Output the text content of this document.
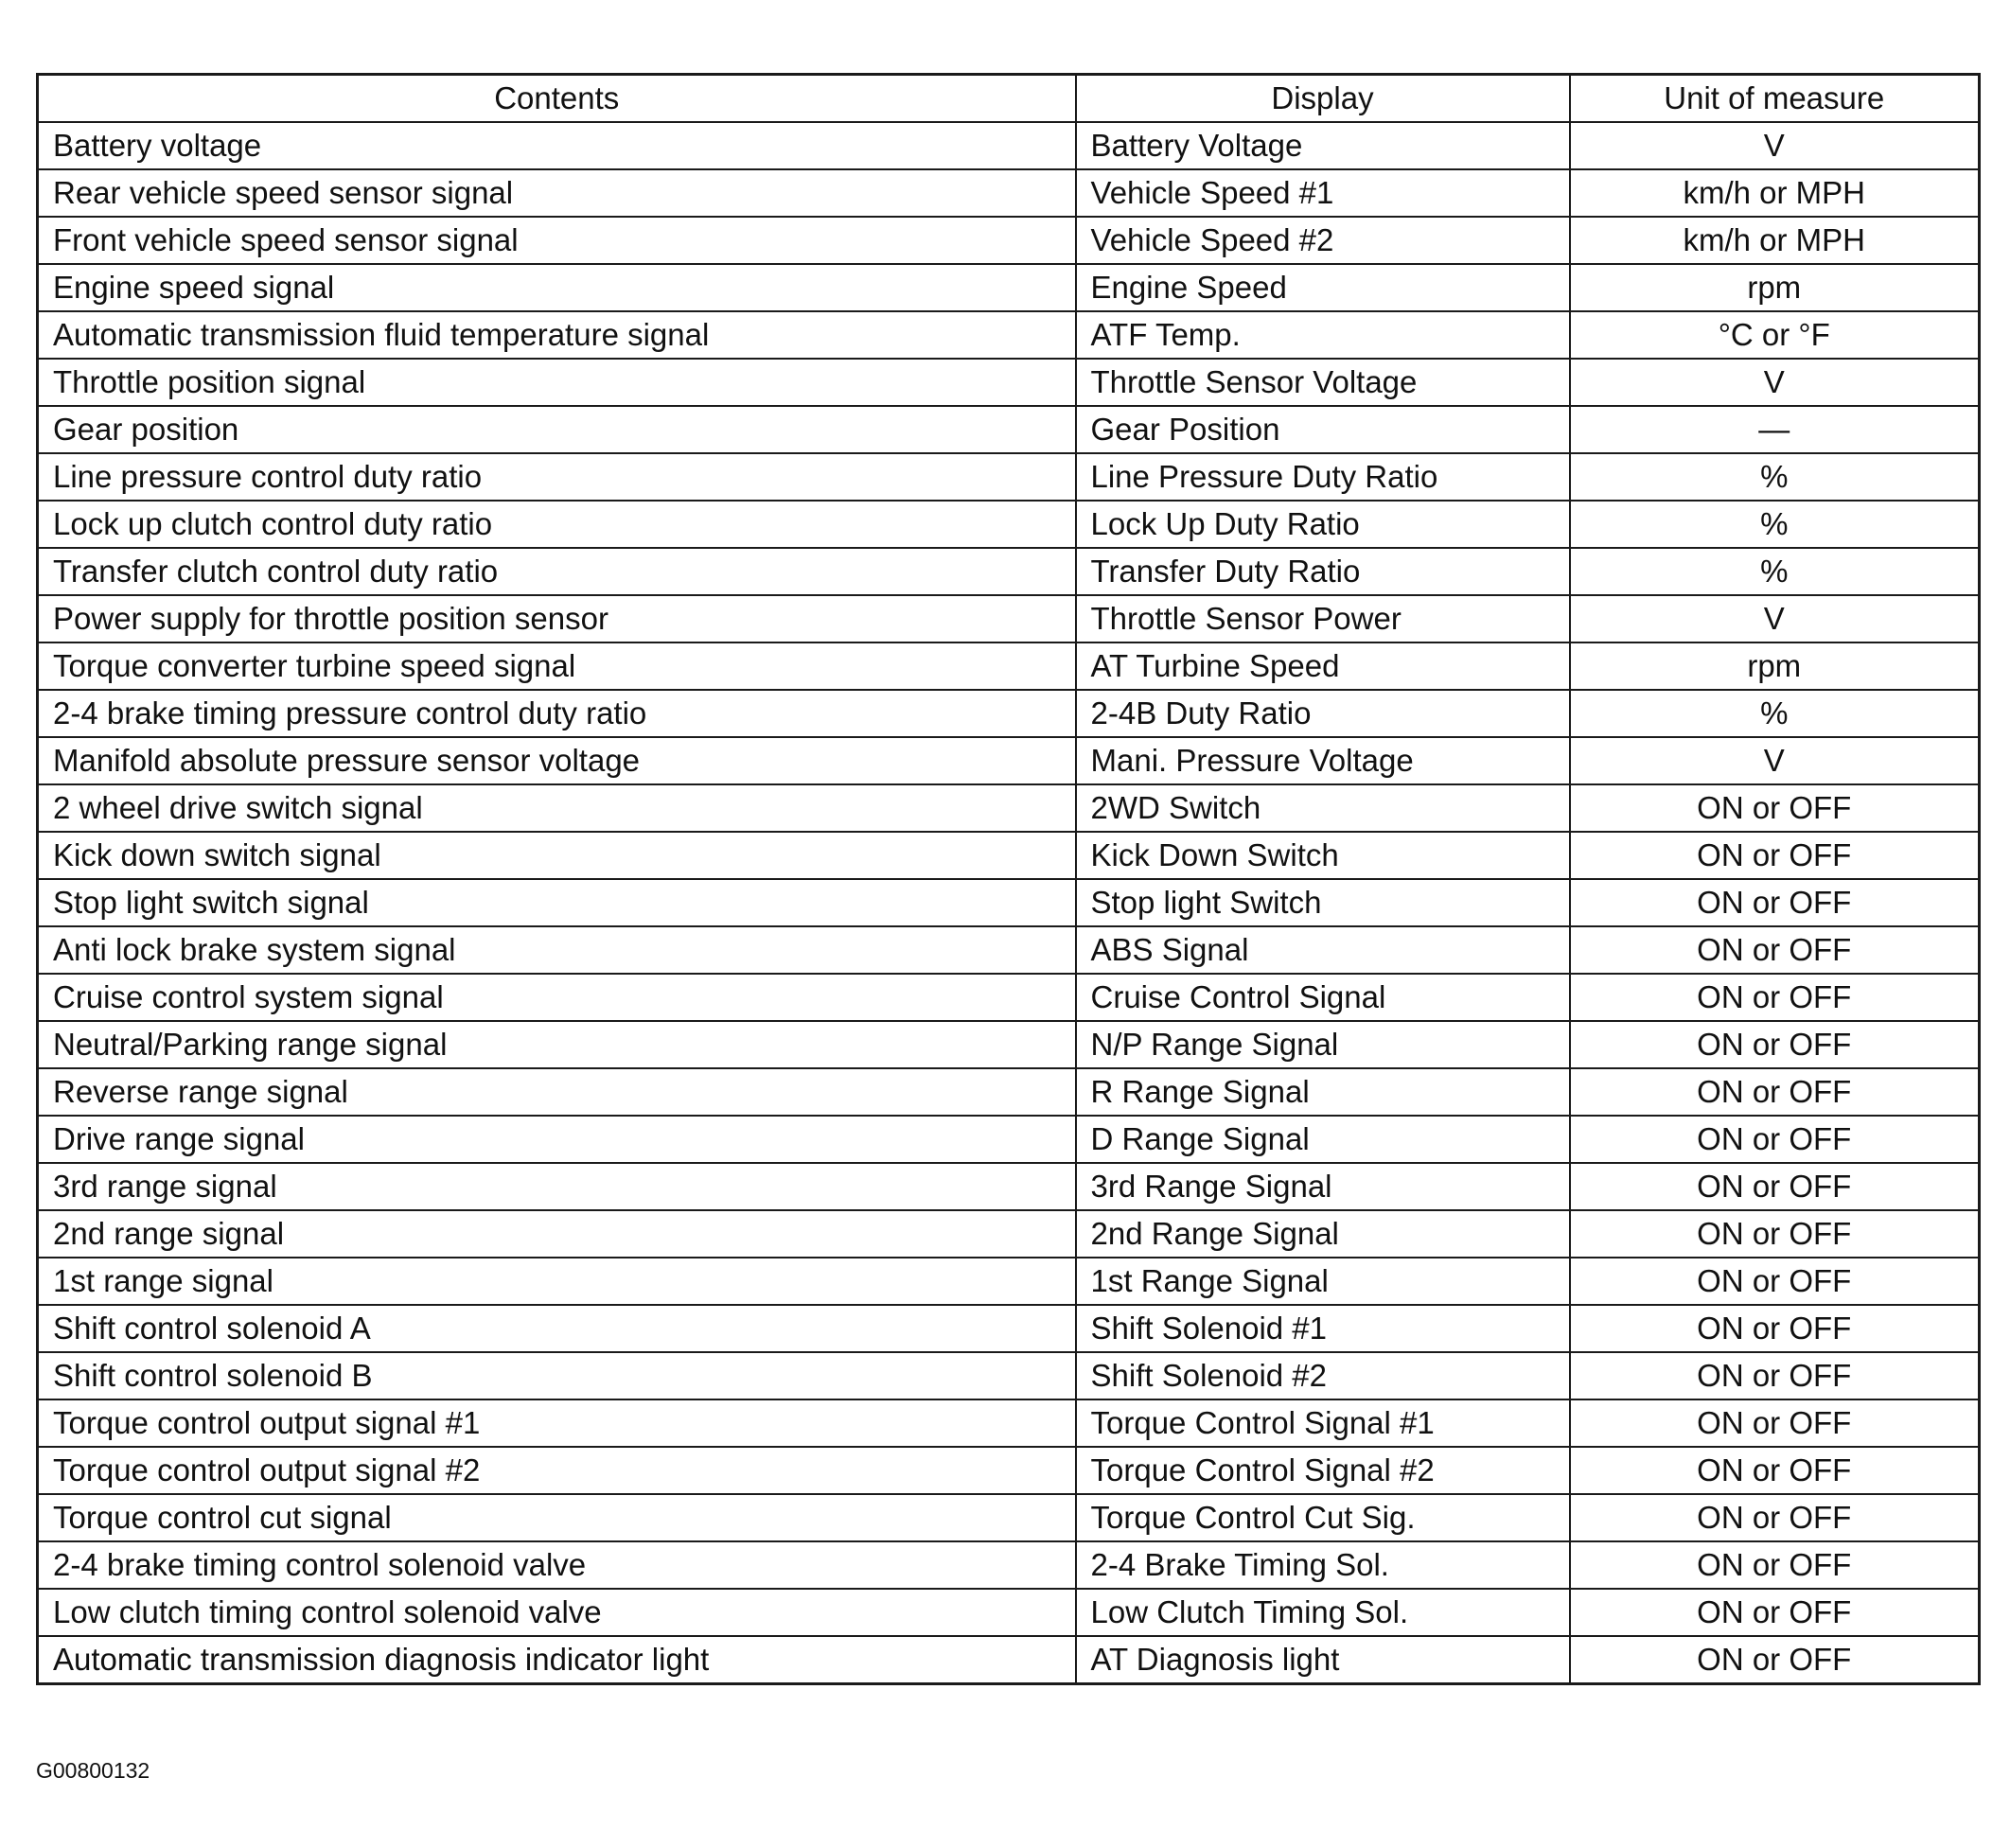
Contents	Display	Unit of measure
Battery voltage	Battery Voltage	V
Rear vehicle speed sensor signal	Vehicle Speed #1	km/h or MPH
Front vehicle speed sensor signal	Vehicle Speed #2	km/h or MPH
Engine speed signal	Engine Speed	rpm
Automatic transmission fluid temperature signal	ATF Temp.	°C or °F
Throttle position signal	Throttle Sensor Voltage	V
Gear position	Gear Position	—
Line pressure control duty ratio	Line Pressure Duty Ratio	%
Lock up clutch control duty ratio	Lock Up Duty Ratio	%
Transfer clutch control duty ratio	Transfer Duty Ratio	%
Power supply for throttle position sensor	Throttle Sensor Power	V
Torque converter turbine speed signal	AT Turbine Speed	rpm
2-4 brake timing pressure control duty ratio	2-4B Duty Ratio	%
Manifold absolute pressure sensor voltage	Mani. Pressure Voltage	V
2 wheel drive switch signal	2WD Switch	ON or OFF
Kick down switch signal	Kick Down Switch	ON or OFF
Stop light switch signal	Stop light Switch	ON or OFF
Anti lock brake system signal	ABS Signal	ON or OFF
Cruise control system signal	Cruise Control Signal	ON or OFF
Neutral/Parking range signal	N/P Range Signal	ON or OFF
Reverse range signal	R Range Signal	ON or OFF
Drive range signal	D Range Signal	ON or OFF
3rd range signal	3rd Range Signal	ON or OFF
2nd range signal	2nd Range Signal	ON or OFF
1st range signal	1st Range Signal	ON or OFF
Shift control solenoid A	Shift Solenoid #1	ON or OFF
Shift control solenoid B	Shift Solenoid #2	ON or OFF
Torque control output signal #1	Torque Control Signal #1	ON or OFF
Torque control output signal #2	Torque Control Signal #2	ON or OFF
Torque control cut signal	Torque Control Cut Sig.	ON or OFF
2-4 brake timing control solenoid valve	2-4 Brake Timing Sol.	ON or OFF
Low clutch timing control solenoid valve	Low Clutch Timing Sol.	ON or OFF
Automatic transmission diagnosis indicator light	AT Diagnosis light	ON or OFF
G00800132
